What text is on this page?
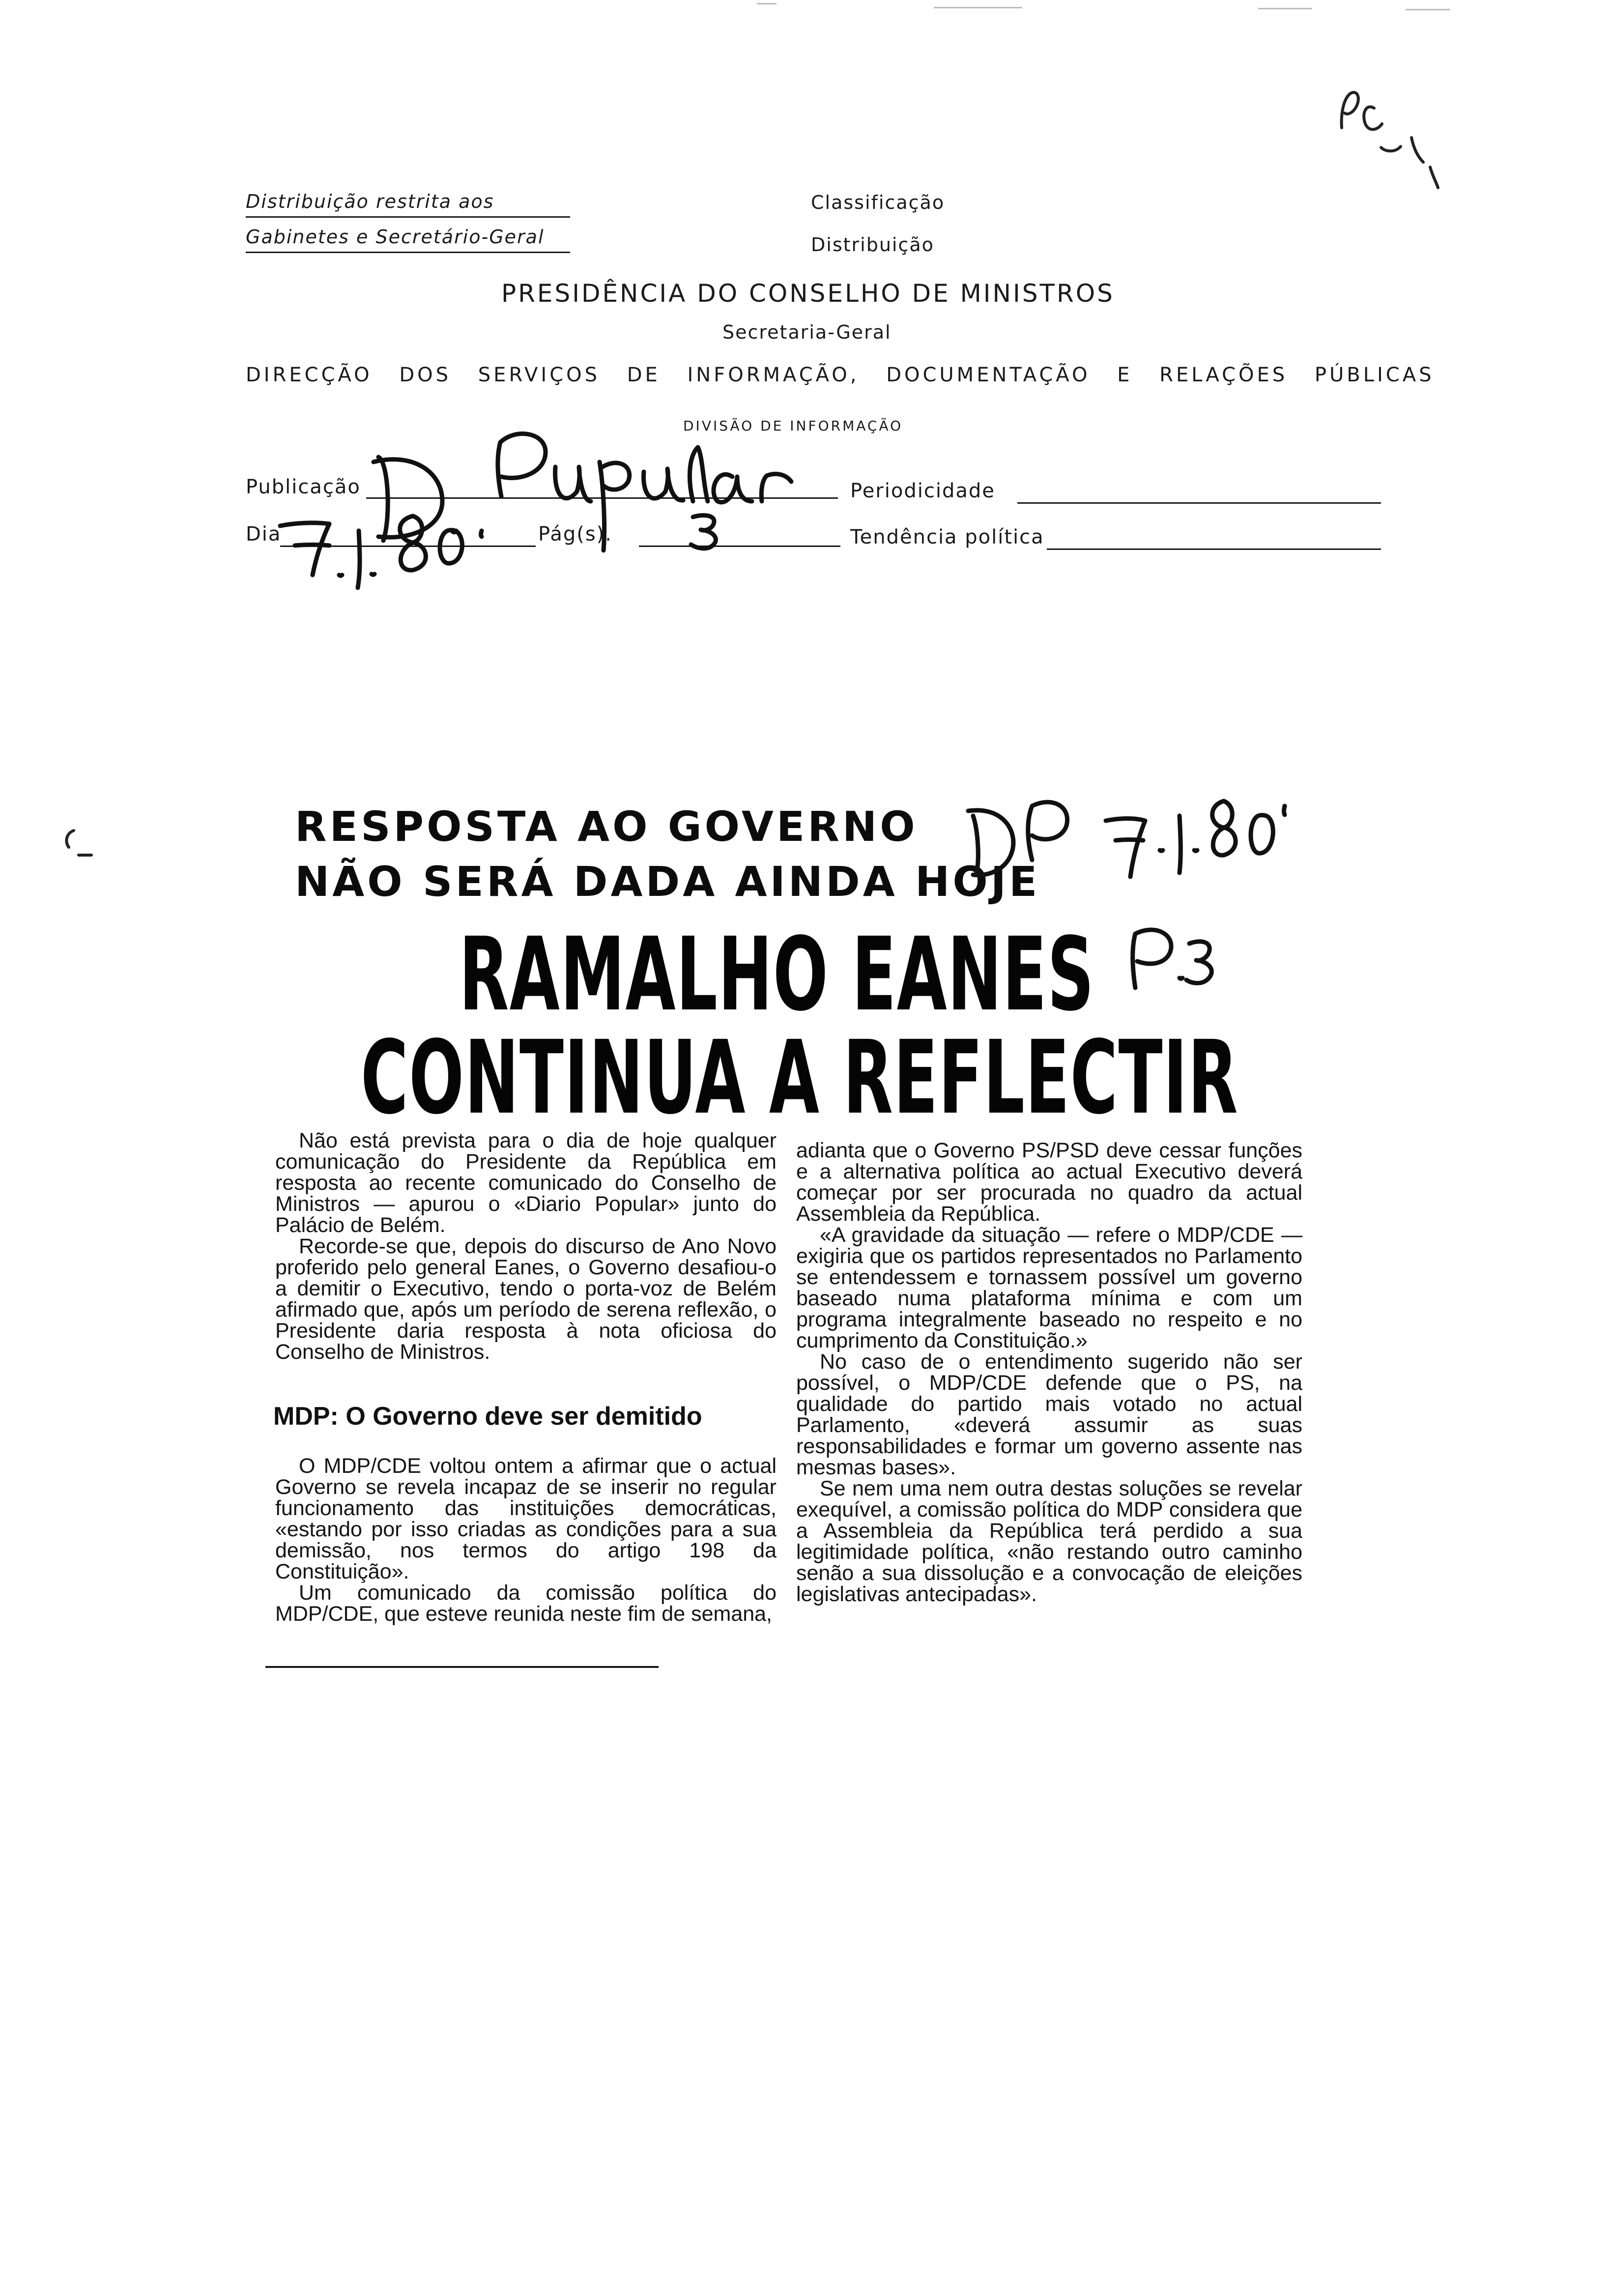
Distribuição restrita aos
Gabinetes e Secretário-Geral
Classificação
Distribuição
PRESIDÊNCIA DO CONSELHO DE MINISTROS
Secretaria-Geral
DIRECÇÃO DOS SERVIÇOS DE INFORMAÇÃO, DOCUMENTAÇÃO E RELAÇÕES PÚBLICAS
DIVISÃO DE INFORMAÇÃO
Publicação	Periodicidade
Dia	Pág(s).	Tendência política
RESPOSTA AO GOVERNO
NÃO SERÁ DADA AINDA HOJE
RAMALHO EANES
CONTINUA A REFLECTIR

Não está prevista para o dia de hoje qualquer comunicação do Presidente da República em resposta ao recente comunicado do Conselho de Ministros — apurou o «Diario Popular» junto do Palácio de Belém.

Recorde-se que, depois do discurso de Ano Novo proferido pelo general Eanes, o Governo desafiou-o a demitir o Executivo, tendo o porta-voz de Belém afirmado que, após um período de serena reflexão, o Presidente daria resposta à nota oficiosa do Conselho de Ministros.

MDP: O Governo deve ser demitido

O MDP/CDE voltou ontem a afirmar que o actual Governo se revela incapaz de se inserir no regular funcionamento das instituições democráticas, «estando por isso criadas as condições para a sua demissão, nos termos do artigo 198 da Constituição».

Um comunicado da comissão política do MDP/CDE, que esteve reunida neste fim de semana,

adianta que o Governo PS/PSD deve cessar funções e a alternativa política ao actual Executivo deverá começar por ser procurada no quadro da actual Assembleia da República.

«A gravidade da situação — refere o MDP/CDE — exigiria que os partidos representados no Parlamento se entendessem e tornassem possível um governo baseado numa plataforma mínima e com um programa integralmente baseado no respeito e no cumprimento da Constituição.»

No caso de o entendimento sugerido não ser possível, o MDP/CDE defende que o PS, na qualidade do partido mais votado no actual Parlamento, «deverá assumir as suas responsabilidades e formar um governo assente nas mesmas bases».

Se nem uma nem outra destas soluções se revelar exequível, a comissão política do MDP considera que a Assembleia da República terá perdido a sua legitimidade política, «não restando outro caminho senão a sua dissolução e a convocação de eleições legislativas antecipadas».
